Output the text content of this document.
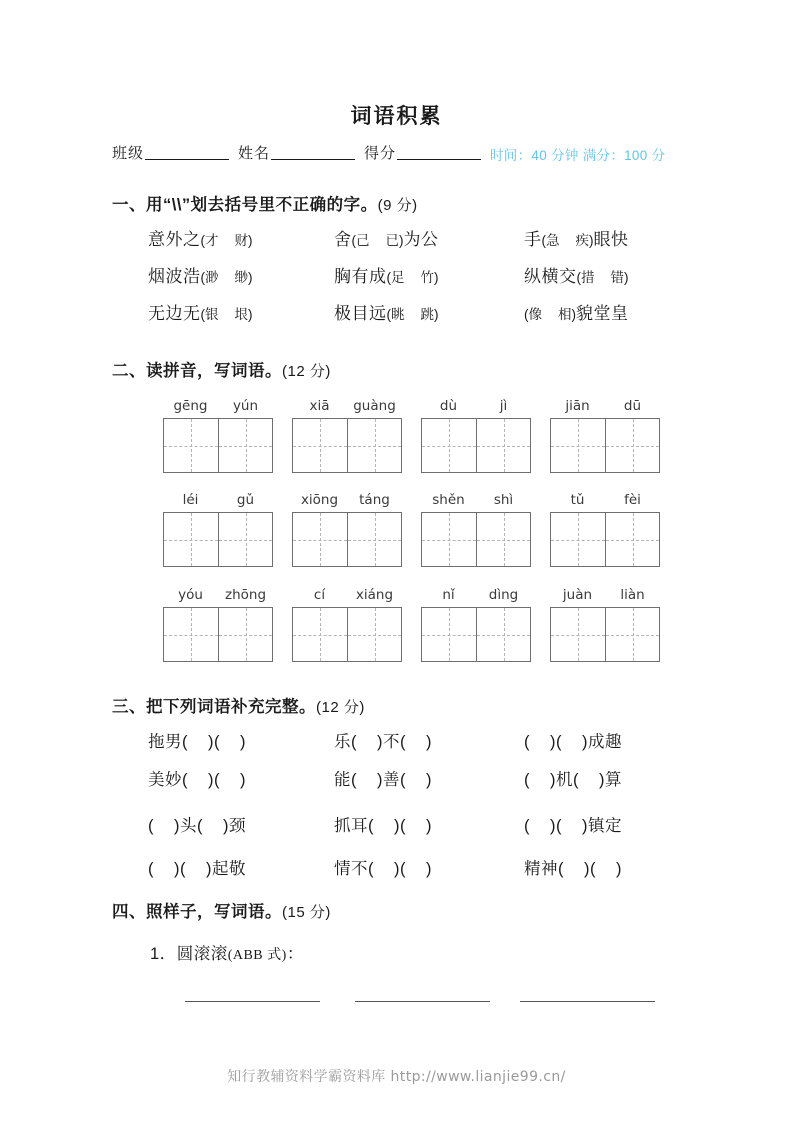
词语积累
班级	姓名	得分	时间：40 分钟 满分：100 分
一、用“\\”划去括号里不正确的字。(9 分)
意外之(才 财)	舍(己 已)为公	手(急 疾)眼快
烟波浩(渺 缈)	胸有成(足 竹)	纵横交(措 错)
无边无(银 垠)	极目远(眺 跳)	(像 相)貌堂皇
二、读拼音，写词语。(12 分)
gēng	yún	xiā	guàng	dù	jì	jiān	dū
léi	gǔ	xiōng	táng	shěn	shì	tǔ	fèi
yóu	zhōng	cí	xiáng	nǐ	dìng	juàn	liàn
三、把下列词语补充完整。(12 分)
拖男( )( )	乐( )不( )	( )( )成趣
美妙( )( )	能( )善( )	( )机( )算
( )头( )颈	抓耳( )( )	( )( )镇定
( )( )起敬	情不( )( )	精神( )( )
四、照样子，写词语。(15 分)
1．圆滚滚(ABB 式)：
知行教辅资料学霸资料库 http://www.lianjie99.cn/
